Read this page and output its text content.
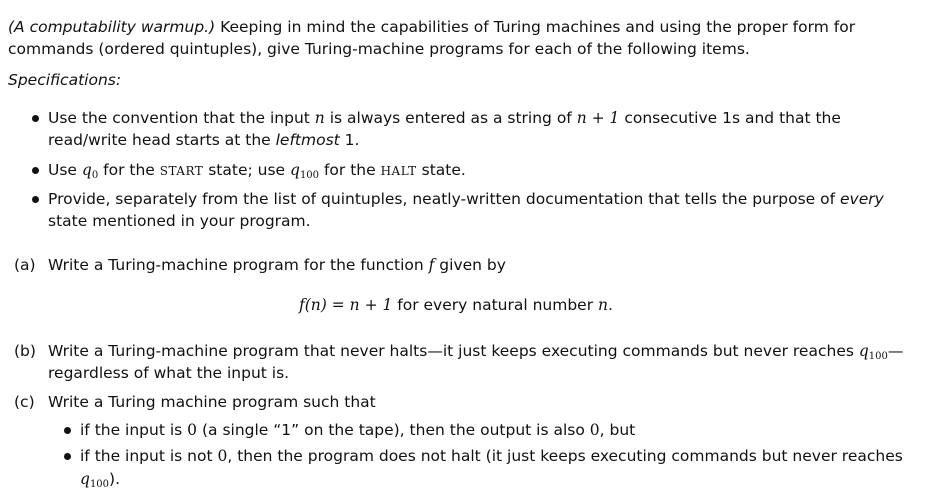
(A computability warmup.) Keeping in mind the capabilities of Turing machines and using the proper form for
commands (ordered quintuples), give Turing-machine programs for each of the following items.
Specifications:
Use the convention that the input n is always entered as a string of n + 1 consecutive 1s and that the
read/write head starts at the leftmost 1.
Use $q_0$ for the START state; use $q_{100}$ for the HALT state.
Provide, separately from the list of quintuples, neatly-written documentation that tells the purpose of every
state mentioned in your program.
(a) Write a Turing-machine program for the function f given by
f(n) = n + 1 for every natural number n.
(b) Write a Turing-machine program that never halts—it just keeps executing commands but never reaches $q_{100}—$
regardless of what the input is.
(c) Write a Turing machine program such that
if the input is 0 (a single “1” on the tape), then the output is also 0, but
if the input is not 0, then the program does not halt (it just keeps executing commands but never reaches
$q_{100}$).
